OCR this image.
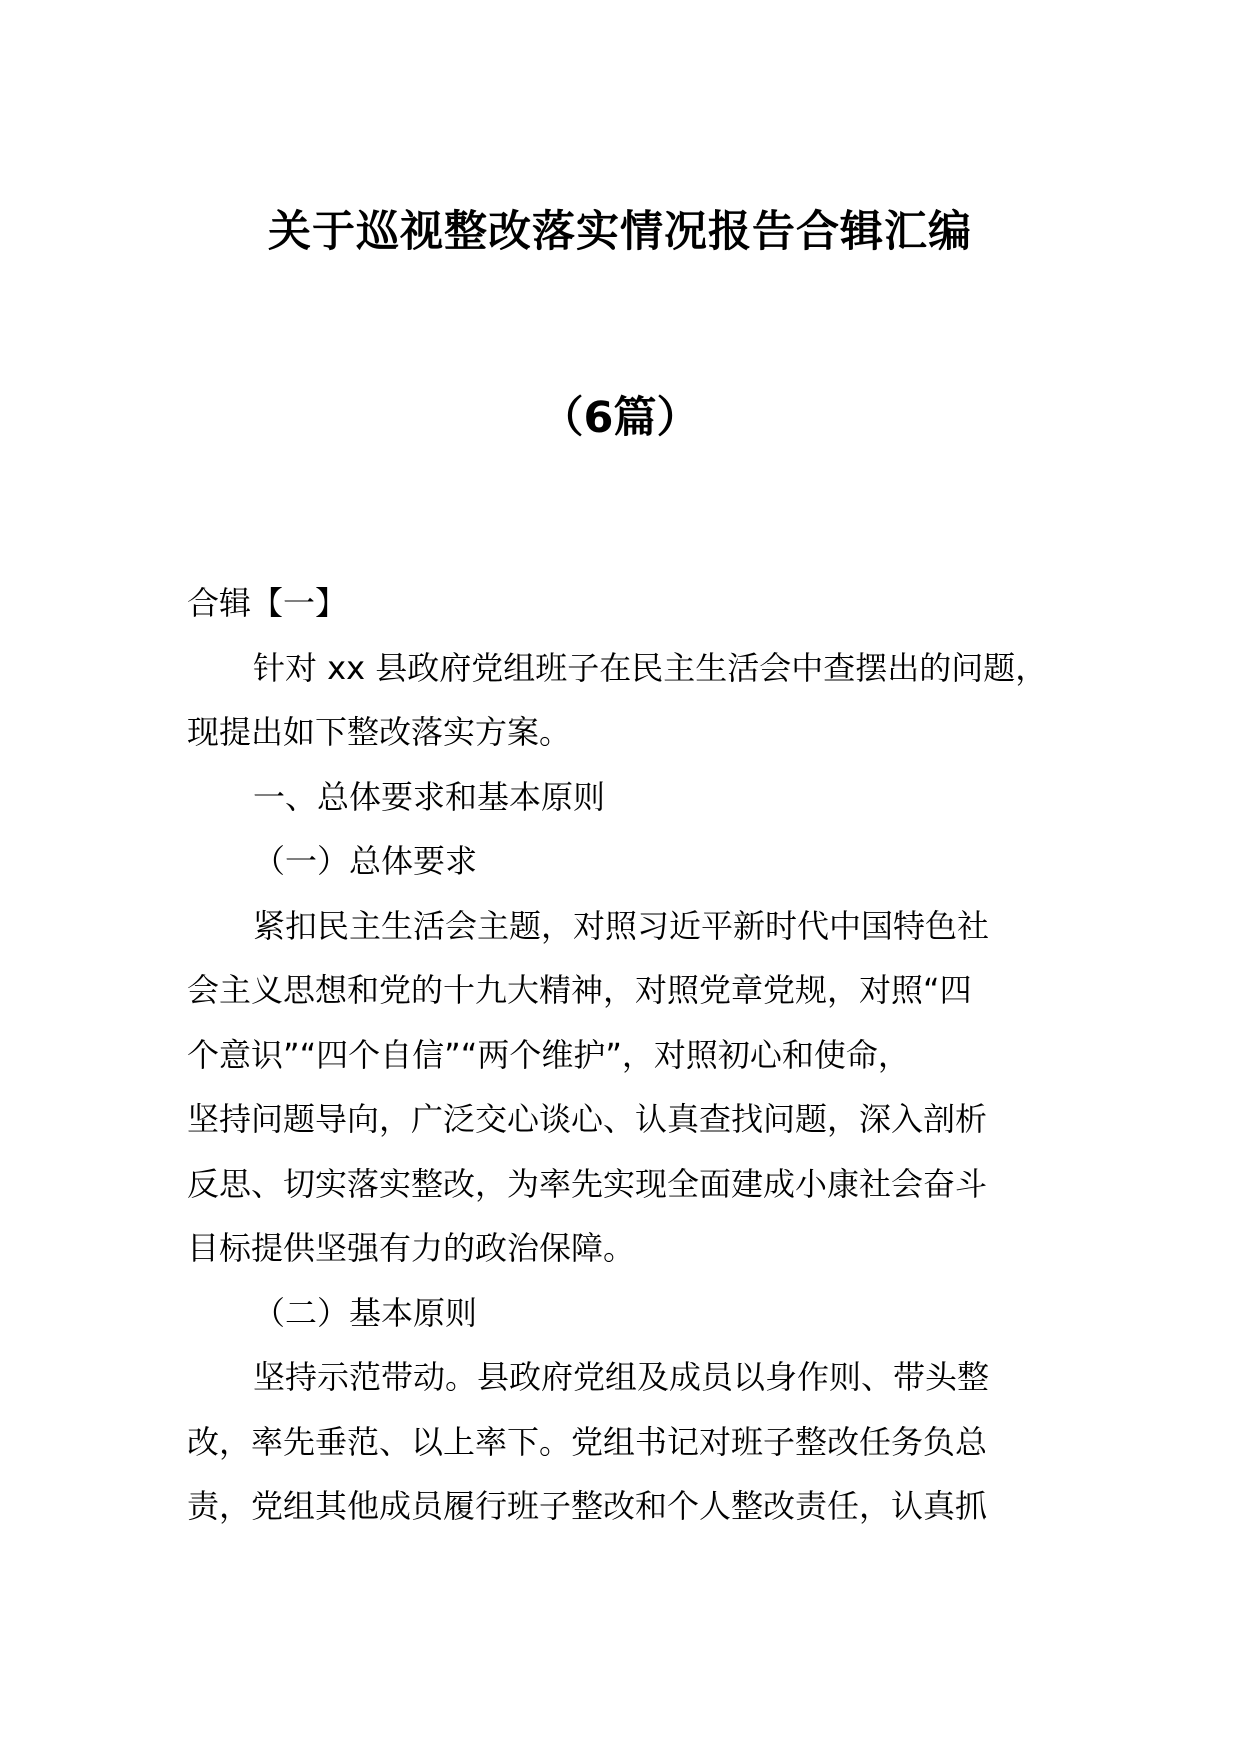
关于巡视整改落实情况报告合辑汇编
（6篇）
合辑【一】
针对 xx 县政府党组班子在民主生活会中查摆出的问题，
现提出如下整改落实方案。
一、总体要求和基本原则
（一）总体要求
紧扣民主生活会主题，对照习近平新时代中国特色社
会主义思想和党的十九大精神，对照党章党规，对照“四
个意识”“四个自信”“两个维护”，对照初心和使命，
坚持问题导向，广泛交心谈心、认真查找问题，深入剖析
反思、切实落实整改，为率先实现全面建成小康社会奋斗
目标提供坚强有力的政治保障。
（二）基本原则
坚持示范带动。县政府党组及成员以身作则、带头整
改，率先垂范、以上率下。党组书记对班子整改任务负总
责，党组其他成员履行班子整改和个人整改责任，认真抓
